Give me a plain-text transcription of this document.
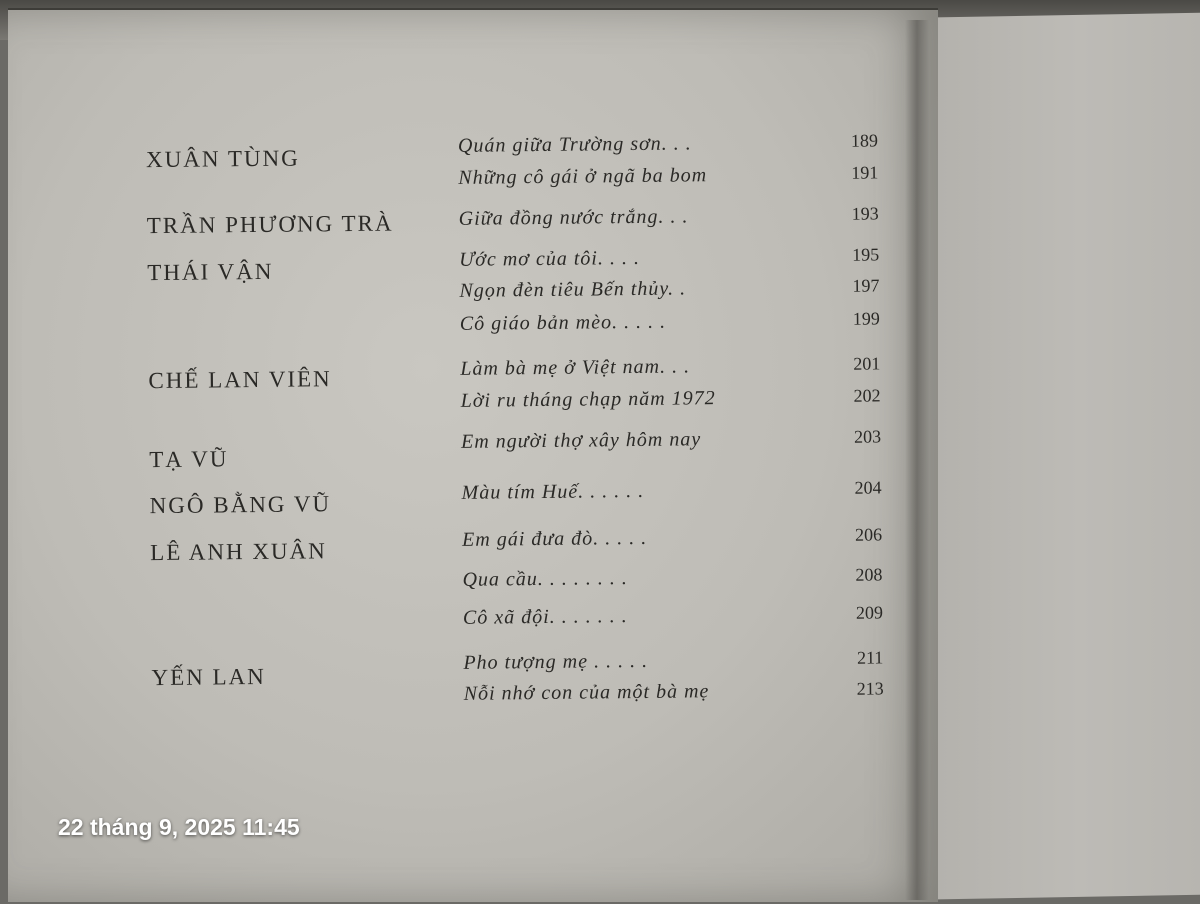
XUÂN TÙNG
Quán giữa Trường sơn. . .	189
Những cô gái ở ngã ba bom	191
TRẦN PHƯƠNG TRÀ	Giữa đồng nước trắng. . .	193
THÁI VẬN	Ước mơ của tôi. . . .	195
Ngọn đèn tiêu Bến thủy. .	197
Cô giáo bản mèo. . . . .	199
CHẾ LAN VIÊN	Làm bà mẹ ở Việt nam. . .	201
Lời ru tháng chạp năm 1972	202
TẠ VŨ
Em người thợ xây hôm nay	203
NGÔ BẰNG VŨ	Màu tím Huế. . . . . .	204
LÊ ANH XUÂN	Em gái đưa đò. . . . .	206
Qua cầu. . . . . . . .	208
Cô xã đội. . . . . . .	209
YẾN LAN
Pho tượng mẹ . . . . .	211
Nỗi nhớ con của một bà mẹ	213
22 tháng 9, 2025 11:45
